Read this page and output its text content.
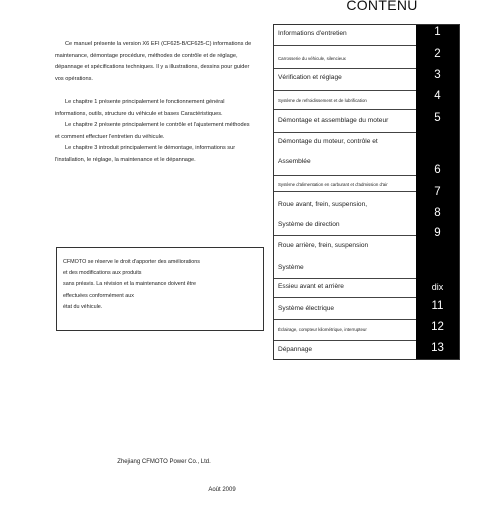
CONTENU

Ce manuel présente la version X6 EFI (CF625-B/CF625-C) informations de maintenance, démontage procédure, méthodes de contrôle et de réglage, dépannage et spécifications techniques. Il y a illustrations, dessins pour guider vos opérations.

Le chapitre 1 présente principalement le fonctionnement général informations, outils, structure du véhicule et bases Caractéristiques.

Le chapitre 2 présente principalement le contrôle et l'ajustement méthodes et comment effectuer l'entretien du véhicule.

Le chapitre 3 introduit principalement le démontage, informations sur l'installation, le réglage, la maintenance et le dépannage.

CFMOTO se réserve le droit d'apporter des améliorations

et des modifications aux produits

sans préavis. La révision et la maintenance doivent être

effectuées conformément aux

état du véhicule.

Informations d'entretien
Carrosserie du véhicule, silencieux
Vérification et réglage
Système de refroidissement et de lubrification
Démontage et assemblage du moteur
Démontage du moteur, contrôle et
Assemblée
Système d'alimentation en carburant et d'admission d'air
Roue avant, frein, suspension,
Système de direction
Roue arrière, frein, suspension
Système
Essieu avant et arrière
Système électrique
Éclairage, compteur kilométrique, interrupteur
Dépannage
1
2
3
4
5
6
7
8
9
dix
11
12
13
Zhejiang CFMOTO Power Co., Ltd.
Août 2009
